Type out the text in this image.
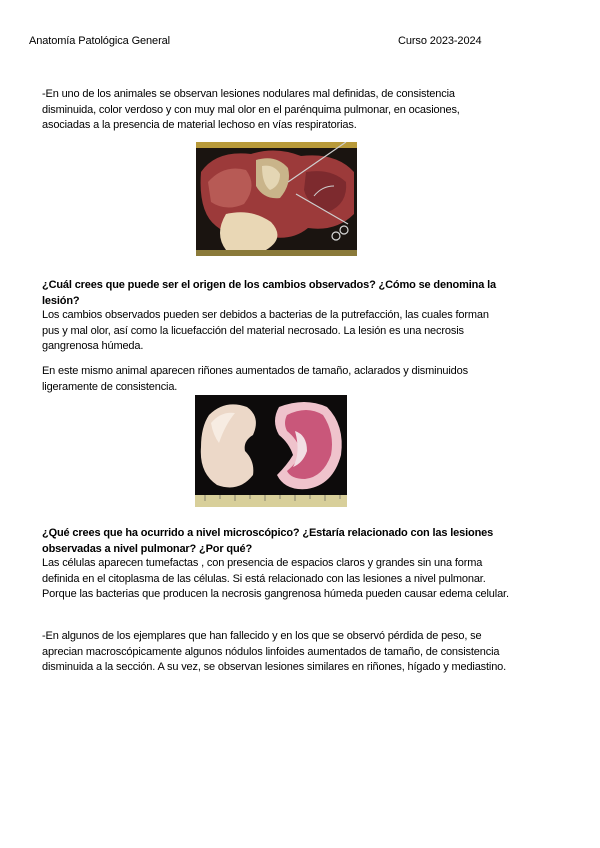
Anatomía Patológica General	Curso 2023-2024
-En uno de los animales se observan lesiones nodulares mal definidas, de consistencia
disminuida, color verdoso y con muy mal olor en el parénquima pulmonar, en ocasiones,
asociadas a la presencia de material lechoso en vías respiratorias.
¿Cuál crees que puede ser el origen de los cambios observados? ¿Cómo se denomina la
lesión?
Los cambios observados pueden ser debidos a bacterias de la putrefacción, las cuales forman
pus y mal olor, así como la licuefacción del material necrosado. La lesión es una necrosis
gangrenosa húmeda.
En este mismo animal aparecen riñones aumentados de tamaño, aclarados y disminuidos
ligeramente de consistencia.
¿Qué crees que ha ocurrido a nivel microscópico? ¿Estaría relacionado con las lesiones
observadas a nivel pulmonar? ¿Por qué?
Las células aparecen tumefactas , con presencia de espacios claros y grandes sin una forma
definida en el citoplasma de las células. Si está relacionado con las lesiones a nivel pulmonar.
Porque las bacterias que producen la necrosis gangrenosa húmeda pueden causar edema celular.
-En algunos de los ejemplares que han fallecido y en los que se observó pérdida de peso, se
aprecian macroscópicamente algunos nódulos linfoides aumentados de tamaño, de consistencia
disminuida a la sección. A su vez, se observan lesiones similares en riñones, hígado y mediastino.
